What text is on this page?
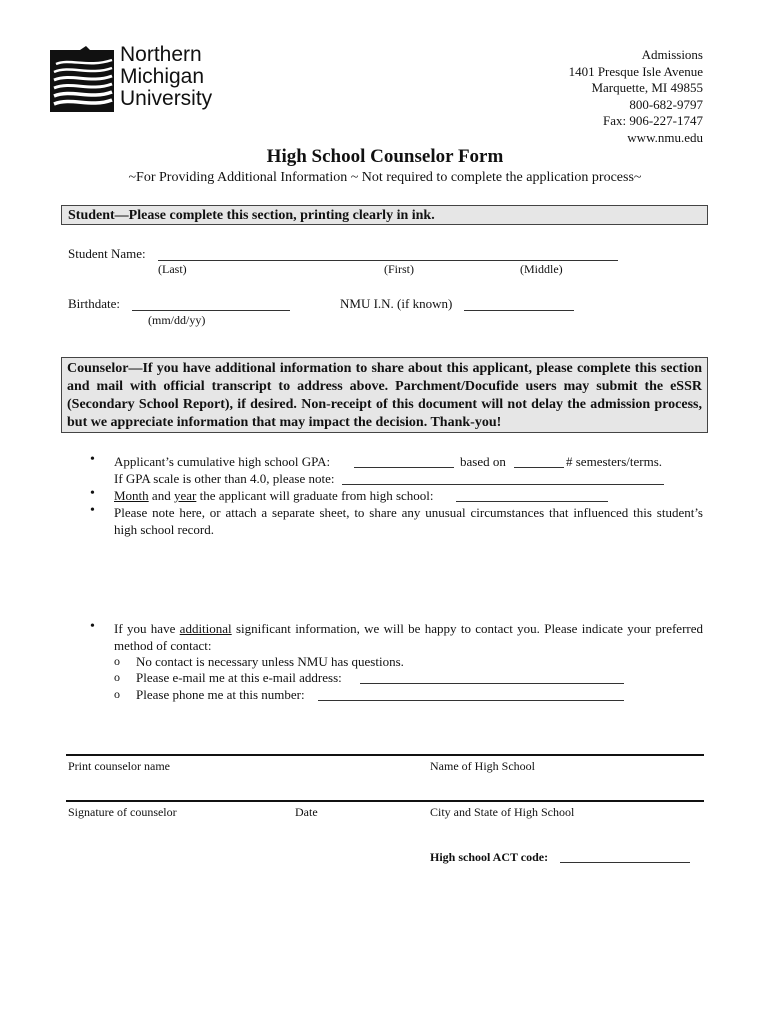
Northern
Michigan
University
Admissions
1401 Presque Isle Avenue
Marquette, MI 49855
800-682-9797
Fax: 906-227-1747
www.nmu.edu
High School Counselor Form
~For Providing Additional Information ~ Not required to complete the application process~
Student—Please complete this section, printing clearly in ink.
Student Name:
(Last)	(First)	(Middle)
Birthdate:
(mm/dd/yy)
NMU I.N. (if known)
Counselor—If you have additional information to share about this applicant, please complete this section and mail with official transcript to address above. Parchment/Docufide users may submit the eSSR (Secondary School Report), if desired. Non-receipt of this document will not delay the admission process, but we appreciate information that may impact the decision. Thank-you!
• Applicant’s cumulative high school GPA:	based on	# semesters/terms.
If GPA scale is other than 4.0, please note:
• Month and year the applicant will graduate from high school:
• Please note here, or attach a separate sheet, to share any unusual circumstances that influenced this student’s high school record.
• If you have additional significant information, we will be happy to contact you. Please indicate your preferred method of contact:
o No contact is necessary unless NMU has questions.
o Please e-mail me at this e-mail address:
o Please phone me at this number:
Print counselor name	Name of High School
Signature of counselor	Date	City and State of High School
High school ACT code:
